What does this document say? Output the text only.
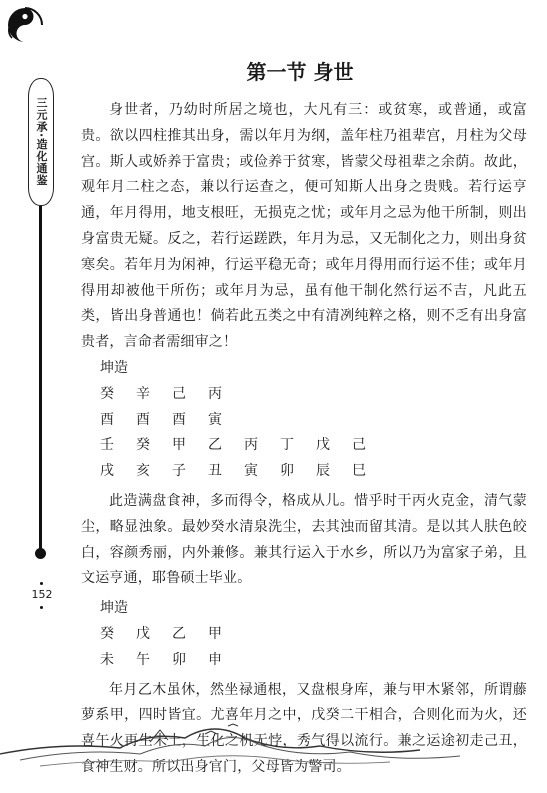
三元承·造化通鉴
152
第一节 身世

身世者，乃幼时所居之境也，大凡有三：或贫寒，或普通，或富贵。欲以四柱推其出身，需以年月为纲，盖年柱乃祖辈宫，月柱为父母宫。斯人或娇养于富贵；或俭养于贫寒，皆蒙父母祖辈之余荫。故此，观年月二柱之态，兼以行运查之，便可知斯人出身之贵贱。若行运亨通，年月得用，地支根旺，无损克之忧；或年月之忌为他干所制，则出身富贵无疑。反之，若行运蹉跌，年月为忌，又无制化之力，则出身贫寒矣。若年月为闲神，行运平稳无奇；或年月得用而行运不佳；或年月得用却被他干所伤；或年月为忌，虽有他干制化然行运不吉，凡此五类，皆出身普通也！倘若此五类之中有清冽纯粹之格，则不乏有出身富贵者，言命者需细审之！

坤造
癸	辛	己	丙
酉	酉	酉	寅
壬	癸	甲	乙	丙	丁	戊	己
戌	亥	子	丑	寅	卯	辰	巳

此造满盘食神，多而得令，格成从儿。惜乎时干丙火克金，清气蒙尘，略显浊象。最妙癸水清泉洗尘，去其浊而留其清。是以其人肤色皎白，容颜秀丽，内外兼修。兼其行运入于水乡，所以乃为富家子弟，且文运亨通，耶鲁硕士毕业。

坤造
癸	戊	乙	甲
未	午	卯	申

年月乙木虽休，然坐禄通根，又盘根身库，兼与甲木紧邻，所谓藤萝系甲，四时皆宜。尤喜年月之中，戊癸二干相合，合则化而为火，还喜午火再生未土，生化之机无悖，秀气得以流行。兼之运途初走己丑，食神生财。所以出身官门，父母皆为警司。
